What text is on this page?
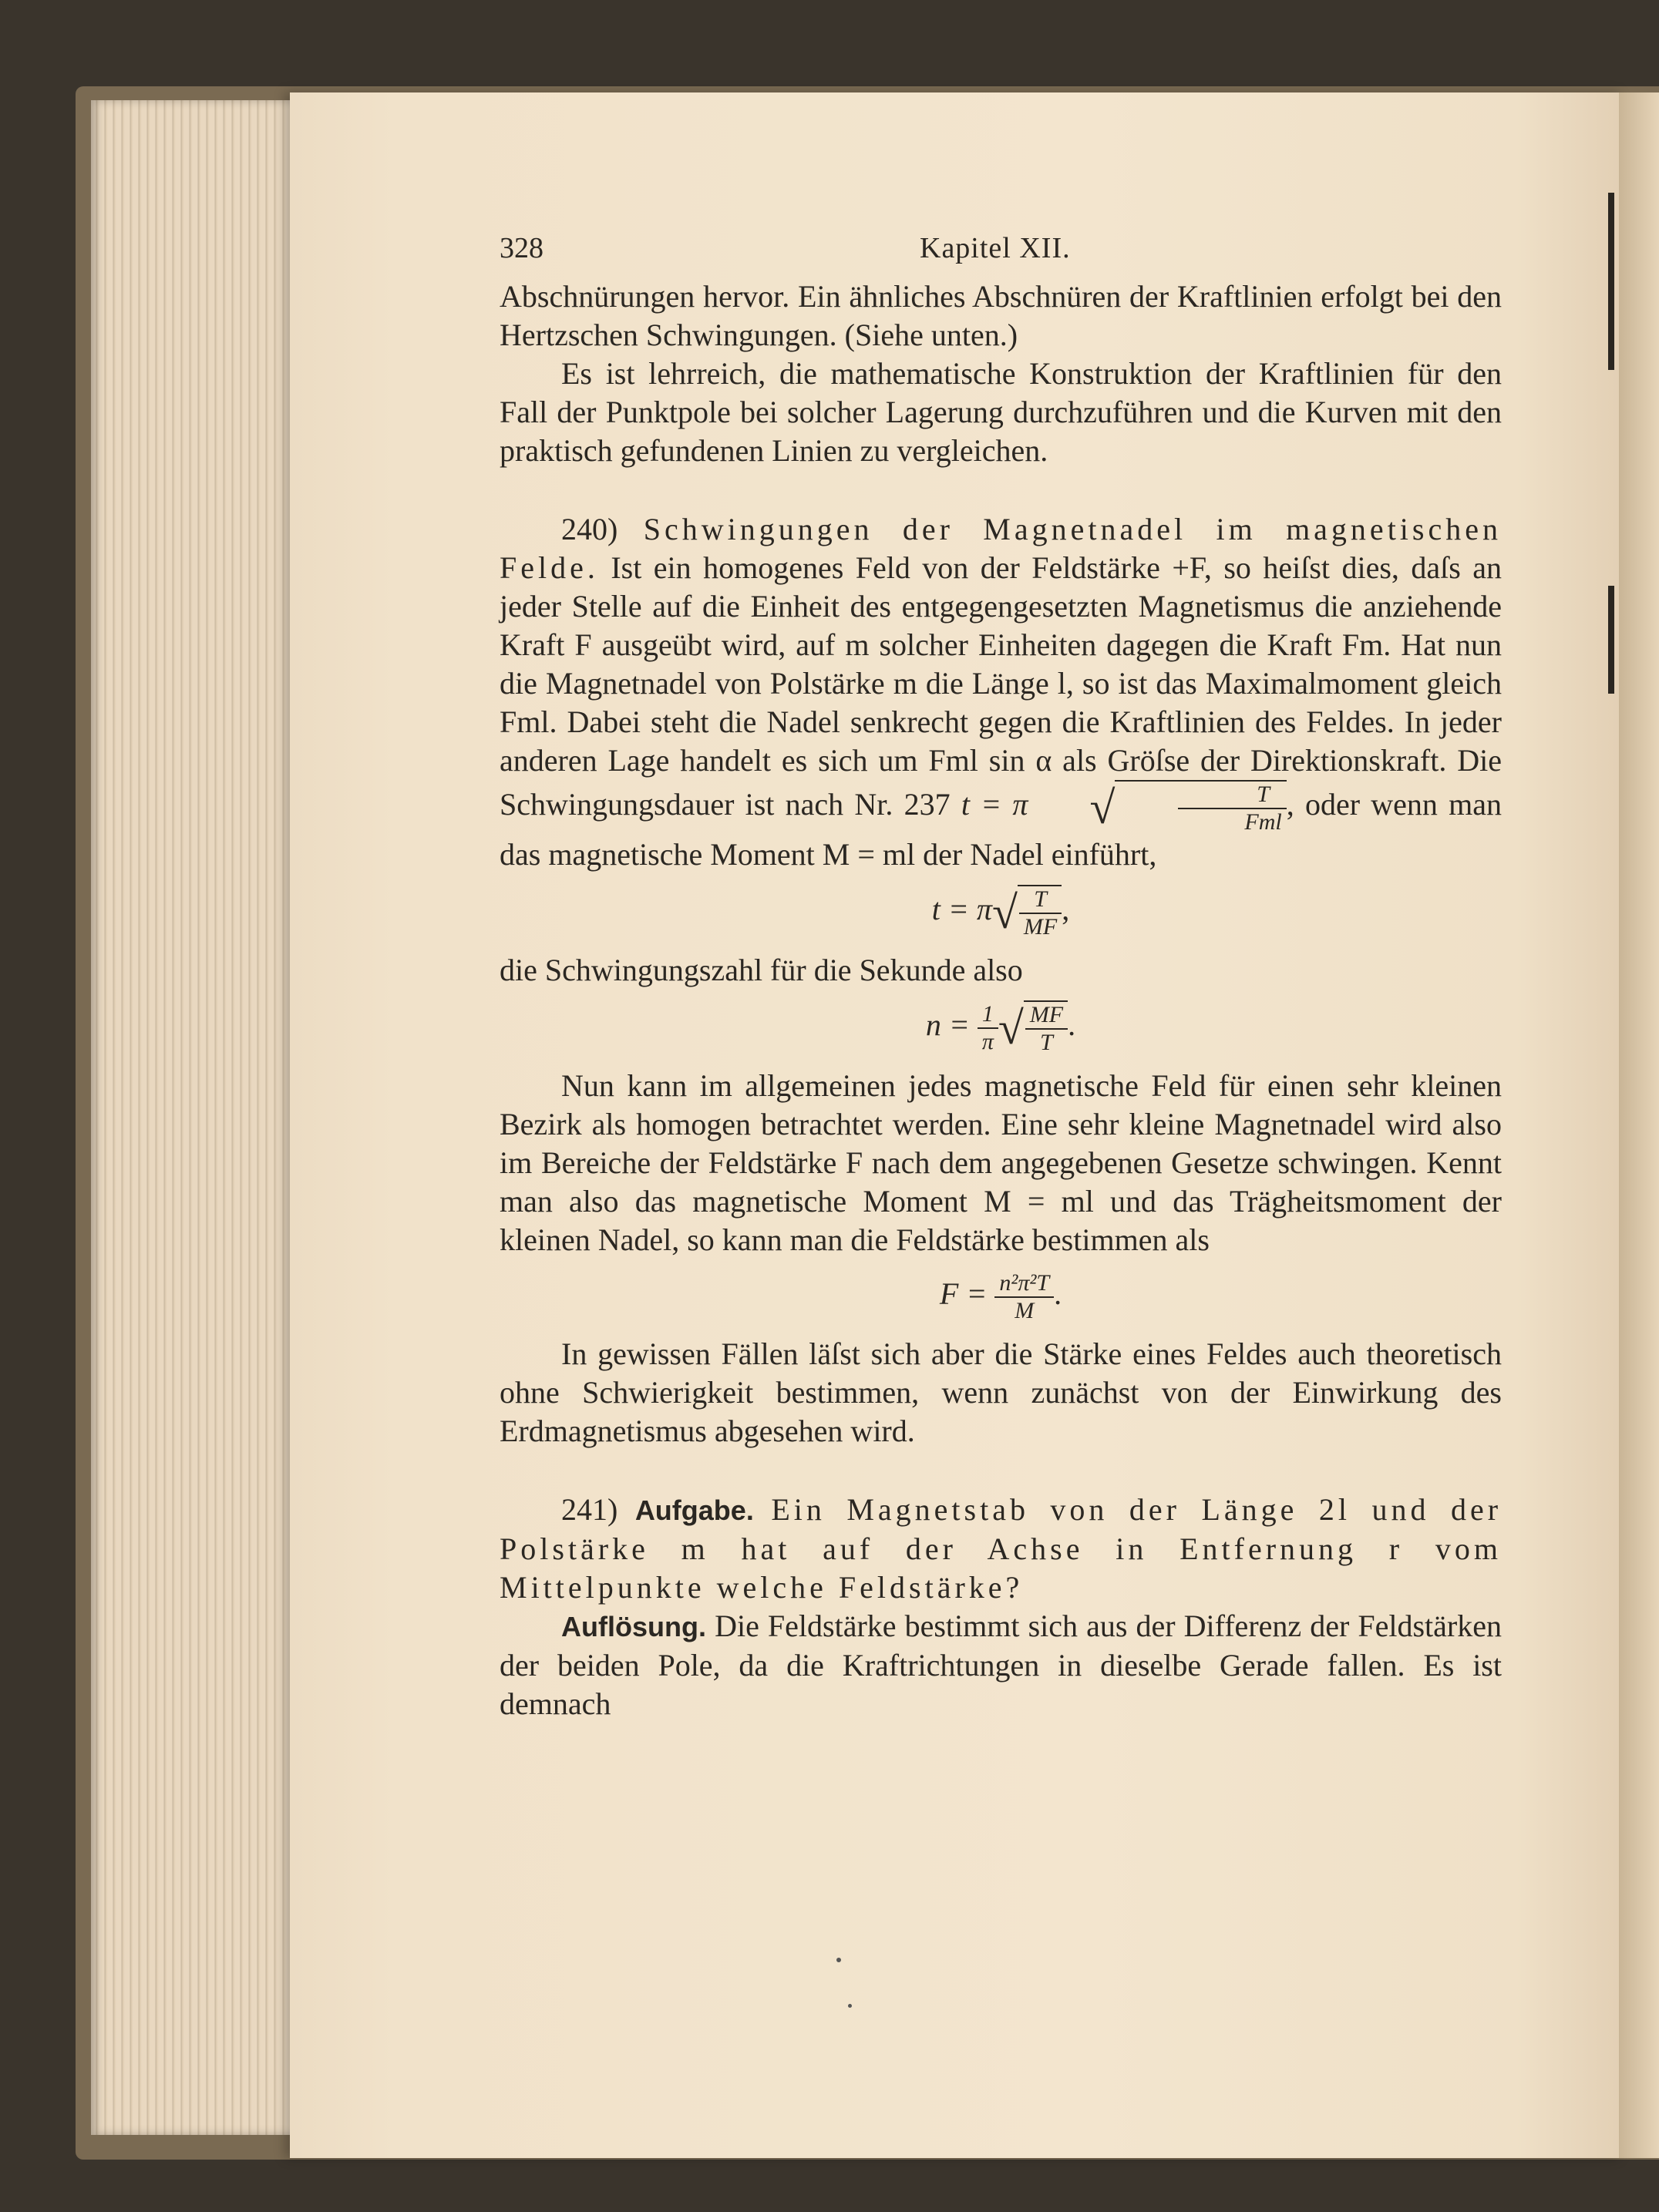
328	Kapitel XII.

Abschnürungen hervor. Ein ähnliches Abschnüren der Kraftlinien erfolgt bei den Hertzschen Schwingungen. (Siehe unten.)

Es ist lehrreich, die mathematische Konstruktion der Kraftlinien für den Fall der Punktpole bei solcher Lagerung durchzuführen und die Kurven mit den praktisch gefundenen Linien zu vergleichen.

240) Schwingungen der Magnetnadel im magnetischen Felde. Ist ein homogenes Feld von der Feldstärke +F, so heiſst dies, daſs an jeder Stelle auf die Einheit des entgegengesetzten Magnetismus die anziehende Kraft F ausgeübt wird, auf m solcher Einheiten dagegen die Kraft Fm. Hat nun die Magnetnadel von Polstärke m die Länge l, so ist das Maximalmoment gleich Fml. Dabei steht die Nadel senkrecht gegen die Kraftlinien des Feldes. In jeder anderen Lage handelt es sich um Fml sin α als Gröſse der Direktionskraft. Die Schwingungsdauer ist nach Nr. 237 t = π √	$\frac{T}{\text{Fml}}$ , oder wenn man das magnetische Moment M = ml der Nadel einführt,

$t = \pi√ \frac{T}{MF}$ ,

die Schwingungszahl für die Sekunde also

$n = \frac{1}{\pi}$ √ $\frac{MF}{T}$ .

Nun kann im allgemeinen jedes magnetische Feld für einen sehr kleinen Bezirk als homogen betrachtet werden. Eine sehr kleine Magnetnadel wird also im Bereiche der Feldstärke F nach dem angegebenen Gesetze schwingen. Kennt man also das magnetische Moment M = ml und das Trägheitsmoment der kleinen Nadel, so kann man die Feldstärke bestimmen als

$F = \frac{\text{n²π²T}}{M}$ .

In gewissen Fällen läſst sich aber die Stärke eines Feldes auch theoretisch ohne Schwierigkeit bestimmen, wenn zunächst von der Einwirkung des Erdmagnetismus abgesehen wird.

241) Aufgabe. Ein Magnetstab von der Länge 2l und der Polstärke m hat auf der Achse in Entfernung r vom Mittelpunkte welche Feldstärke?

Auflösung. Die Feldstärke bestimmt sich aus der Differenz der Feldstärken der beiden Pole, da die Kraftrichtungen in dieselbe Gerade fallen. Es ist demnach
